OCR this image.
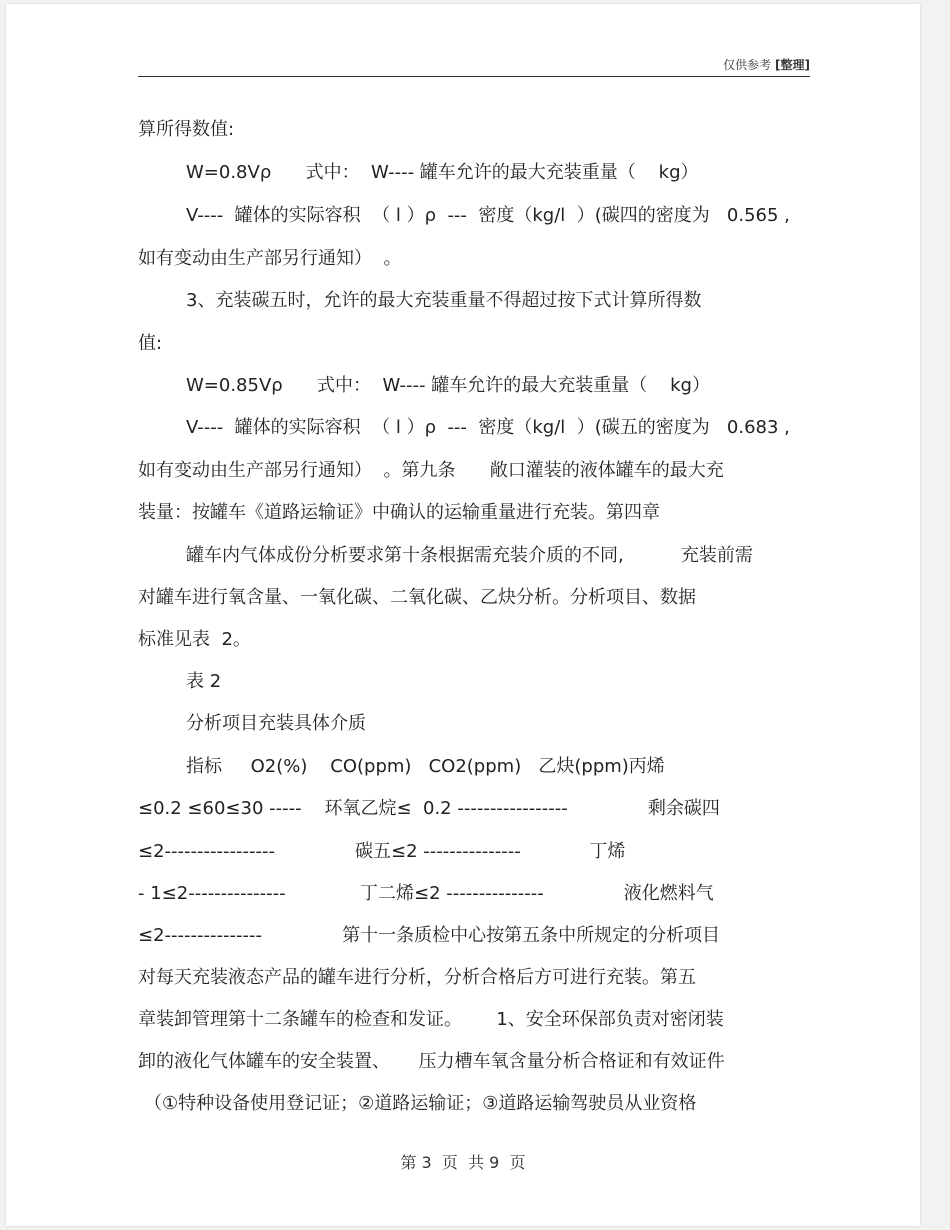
仅供参考 [整理]
算所得数值:
W=0.8Vρ      式中：  W---- 罐车允许的最大充装重量（    kg）
V----  罐体的实际容积  （ l ）ρ  ---  密度（kg/l  ）(碳四的密度为   0.565 ,
如有变动由生产部另行通知）  。
3、充装碳五时，允许的最大充装重量不得超过按下式计算所得数
值:
W=0.85Vρ      式中：  W---- 罐车允许的最大充装重量（    kg）
V----  罐体的实际容积  （ l ）ρ  ---  密度（kg/l  ）(碳五的密度为   0.683 ,
如有变动由生产部另行通知）  。第九条      敞口灌装的液体罐车的最大充
装量：按罐车《道路运输证》中确认的运输重量进行充装。第四章
罐车内气体成份分析要求第十条根据需充装介质的不同,          充装前需
对罐车进行氧含量、一氧化碳、二氧化碳、乙炔分析。分析项目、数据
标准见表  2。
表 2
分析项目充装具体介质
指标     O2(%)    CO(ppm)   CO2(ppm)   乙炔(ppm)丙烯
≤0.2 ≤60≤30 -----    环氧乙烷≤  0.2 -----------------              剩余碳四
≤2-----------------              碳五≤2 ---------------            丁烯
- 1≤2---------------             丁二烯≤2 ---------------              液化燃料气
≤2---------------              第十一条质检中心按第五条中所规定的分析项目
对每天充装液态产品的罐车进行分析，分析合格后方可进行充装。第五
章装卸管理第十二条罐车的检查和发证。      1、安全环保部负责对密闭装
卸的液化气体罐车的安全装置、     压力槽车氧含量分析合格证和有效证件
（①特种设备使用登记证；②道路运输证；③道路运输驾驶员从业资格
第 3  页  共 9  页
